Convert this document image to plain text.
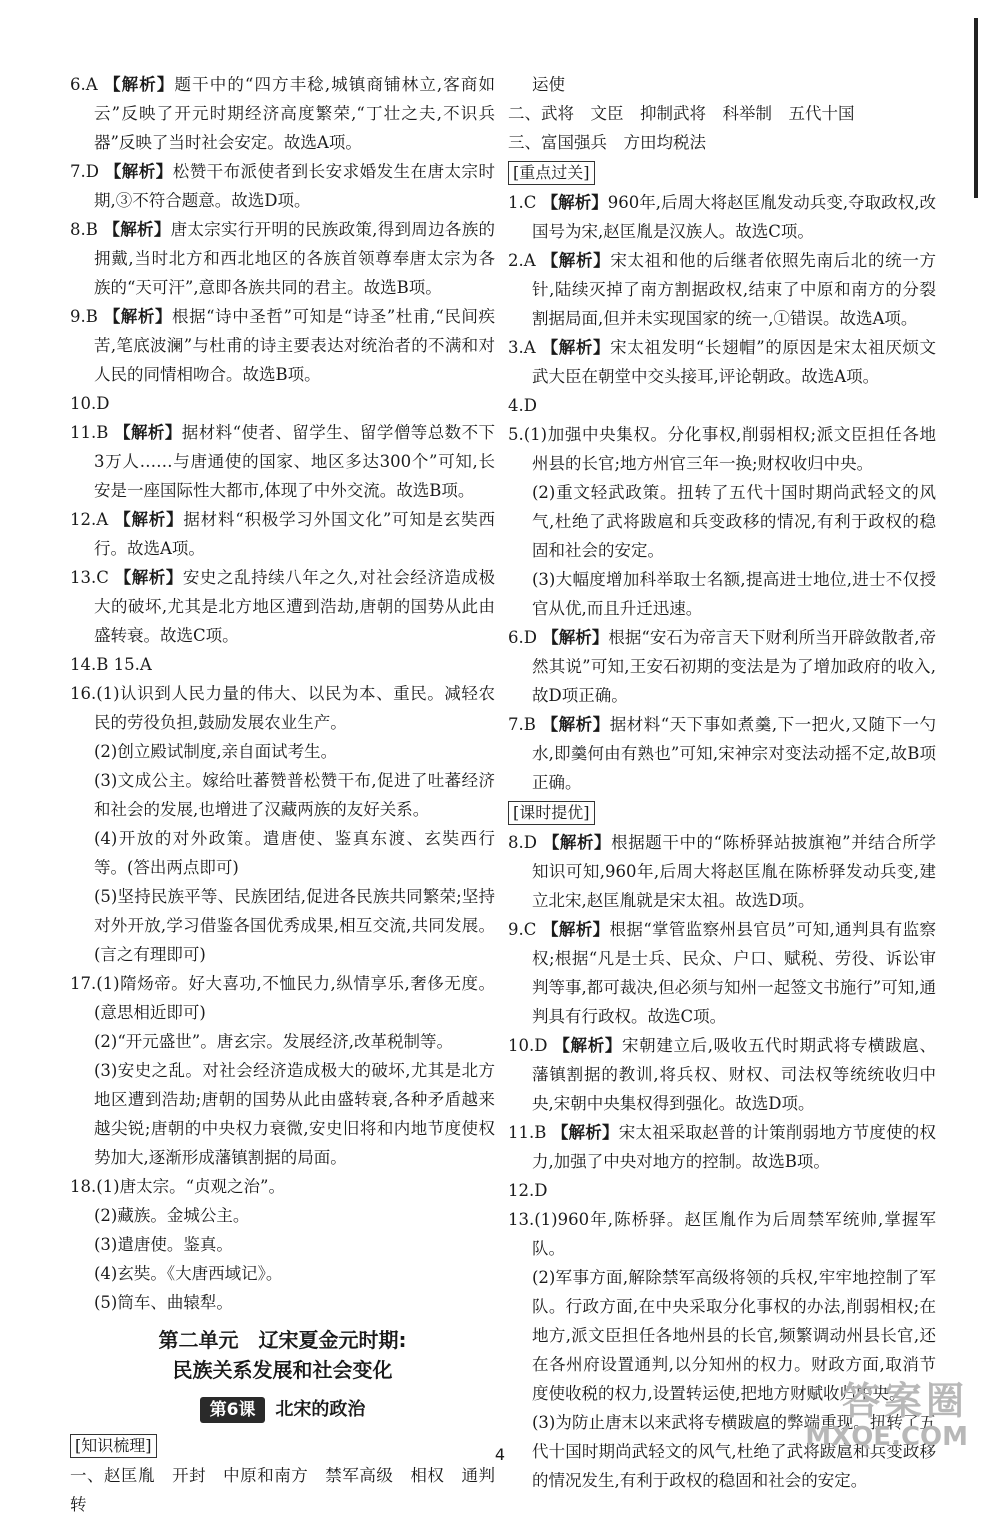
6.A 【解析】题干中的“四方丰稔,城镇商铺林立,客商如云”反映了开元时期经济高度繁荣,“丁壮之夫,不识兵器”反映了当时社会安定。故选A项。

7.D 【解析】松赞干布派使者到长安求婚发生在唐太宗时期,③不符合题意。故选D项。

8.B 【解析】唐太宗实行开明的民族政策,得到周边各族的拥戴,当时北方和西北地区的各族首领尊奉唐太宗为各族的“天可汗”,意即各族共同的君主。故选B项。

9.B 【解析】根据“诗中圣哲”可知是“诗圣”杜甫,“民间疾苦,笔底波澜”与杜甫的诗主要表达对统治者的不满和对人民的同情相吻合。故选B项。

10.D

11.B 【解析】据材料“使者、留学生、留学僧等总数不下3万人……与唐通使的国家、地区多达300个”可知,长安是一座国际性大都市,体现了中外交流。故选B项。

12.A 【解析】据材料“积极学习外国文化”可知是玄奘西行。故选A项。

13.C 【解析】安史之乱持续八年之久,对社会经济造成极大的破坏,尤其是北方地区遭到浩劫,唐朝的国势从此由盛转衰。故选C项。

14.B 15.A

16.(1)认识到人民力量的伟大、以民为本、重民。减轻农民的劳役负担,鼓励发展农业生产。

(2)创立殿试制度,亲自面试考生。

(3)文成公主。嫁给吐蕃赞普松赞干布,促进了吐蕃经济和社会的发展,也增进了汉藏两族的友好关系。

(4)开放的对外政策。遣唐使、鉴真东渡、玄奘西行等。(答出两点即可)

(5)坚持民族平等、民族团结,促进各民族共同繁荣;坚持对外开放,学习借鉴各国优秀成果,相互交流,共同发展。(言之有理即可)

17.(1)隋炀帝。好大喜功,不恤民力,纵情享乐,奢侈无度。(意思相近即可)

(2)“开元盛世”。唐玄宗。发展经济,改革税制等。

(3)安史之乱。对社会经济造成极大的破坏,尤其是北方地区遭到浩劫;唐朝的国势从此由盛转衰,各种矛盾越来越尖锐;唐朝的中央权力衰微,安史旧将和内地节度使权势加大,逐渐形成藩镇割据的局面。

18.(1)唐太宗。“贞观之治”。

(2)藏族。金城公主。

(3)遣唐使。鉴真。

(4)玄奘。《大唐西域记》。

(5)筒车、曲辕犁。

第二单元　辽宋夏金元时期:
民族关系发展和社会变化
第6课 北宋的政治
[知识梳理]

一、赵匡胤　开封　中原和南方　禁军高级　相权　通判　转

运使

二、武将　文臣　抑制武将　科举制　五代十国

三、富国强兵　方田均税法

[重点过关]

1.C 【解析】960年,后周大将赵匡胤发动兵变,夺取政权,改国号为宋,赵匡胤是汉族人。故选C项。

2.A 【解析】宋太祖和他的后继者依照先南后北的统一方针,陆续灭掉了南方割据政权,结束了中原和南方的分裂割据局面,但并未实现国家的统一,①错误。故选A项。

3.A 【解析】宋太祖发明“长翅帽”的原因是宋太祖厌烦文武大臣在朝堂中交头接耳,评论朝政。故选A项。

4.D

5.(1)加强中央集权。分化事权,削弱相权;派文臣担任各地州县的长官;地方州官三年一换;财权收归中央。

(2)重文轻武政策。扭转了五代十国时期尚武轻文的风气,杜绝了武将跋扈和兵变政移的情况,有利于政权的稳固和社会的安定。

(3)大幅度增加科举取士名额,提高进士地位,进士不仅授官从优,而且升迁迅速。

6.D 【解析】根据“安石为帝言天下财利所当开辟敛散者,帝然其说”可知,王安石初期的变法是为了增加政府的收入,故D项正确。

7.B 【解析】据材料“天下事如煮羹,下一把火,又随下一勺水,即羹何由有熟也”可知,宋神宗对变法动摇不定,故B项正确。

[课时提优]

8.D 【解析】根据题干中的“陈桥驿站披旗袍”并结合所学知识可知,960年,后周大将赵匡胤在陈桥驿发动兵变,建立北宋,赵匡胤就是宋太祖。故选D项。

9.C 【解析】根据“掌管监察州县官员”可知,通判具有监察权;根据“凡是士兵、民众、户口、赋税、劳役、诉讼审判等事,都可裁决,但必须与知州一起签文书施行”可知,通判具有行政权。故选C项。

10.D 【解析】宋朝建立后,吸收五代时期武将专横跋扈、藩镇割据的教训,将兵权、财权、司法权等统统收归中央,宋朝中央集权得到强化。故选D项。

11.B 【解析】宋太祖采取赵普的计策削弱地方节度使的权力,加强了中央对地方的控制。故选B项。

12.D

13.(1)960年,陈桥驿。赵匡胤作为后周禁军统帅,掌握军队。

(2)军事方面,解除禁军高级将领的兵权,牢牢地控制了军队。行政方面,在中央采取分化事权的办法,削弱相权;在地方,派文臣担任各地州县的长官,频繁调动州县长官,还在各州府设置通判,以分知州的权力。财政方面,取消节度使收税的权力,设置转运使,把地方财赋收归中央。

(3)为防止唐末以来武将专横跋扈的弊端重现。扭转了五代十国时期尚武轻文的风气,杜绝了武将跋扈和兵变政移的情况发生,有利于政权的稳固和社会的安定。

4
答案圈
MXQE.COM
